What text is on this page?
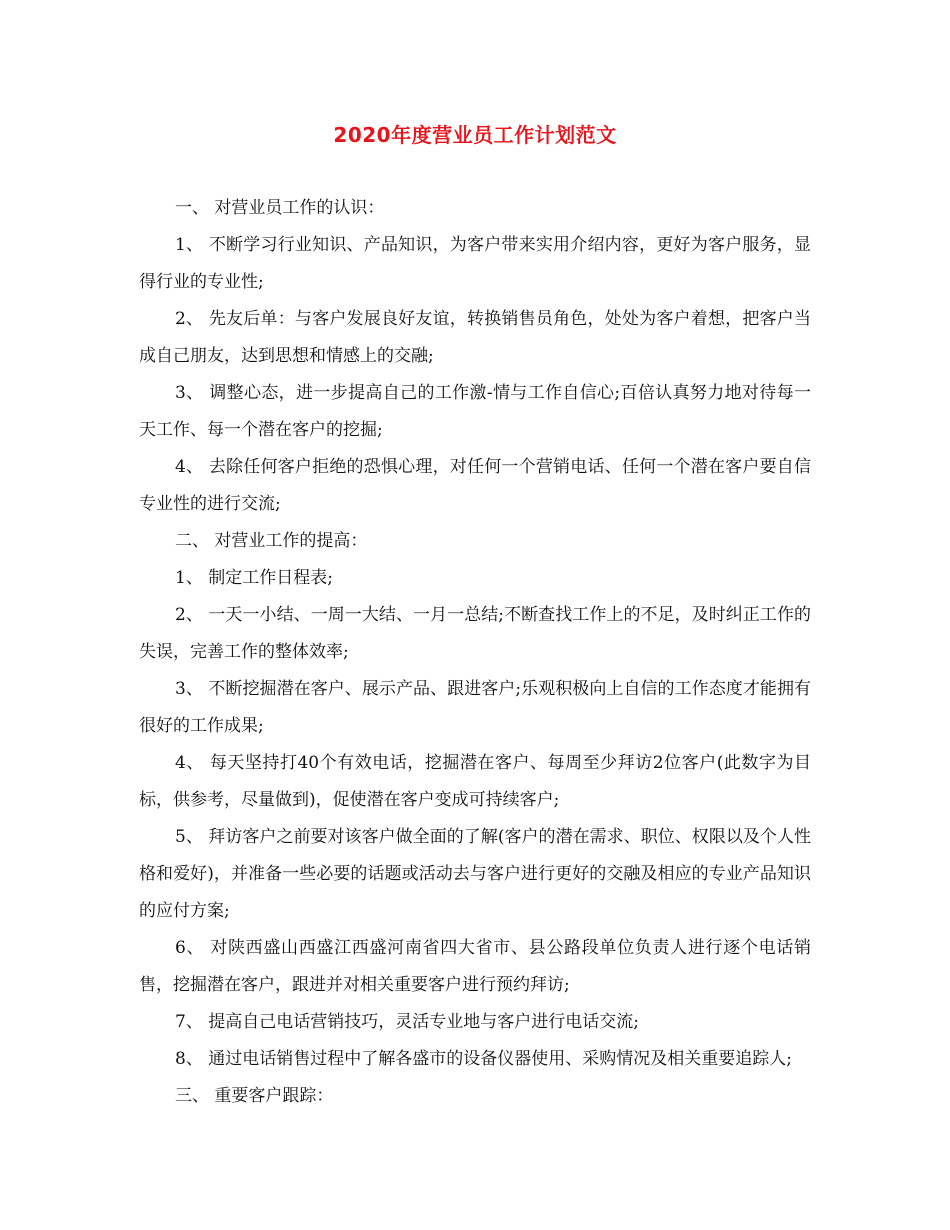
2020年度营业员工作计划范文

一、 对营业员工作的认识：

1、 不断学习行业知识、产品知识，为客户带来实用介绍内容，更好为客户服务，显得行业的专业性;

2、 先友后单：与客户发展良好友谊，转换销售员角色，处处为客户着想，把客户当成自己朋友，达到思想和情感上的交融;

3、 调整心态，进一步提高自己的工作激-情与工作自信心;百倍认真努力地对待每一天工作、每一个潜在客户的挖掘;

4、 去除任何客户拒绝的恐惧心理，对任何一个营销电话、任何一个潜在客户要自信专业性的进行交流;

二、 对营业工作的提高：

1、 制定工作日程表;

2、 一天一小结、一周一大结、一月一总结;不断查找工作上的不足，及时纠正工作的失误，完善工作的整体效率;

3、 不断挖掘潜在客户、展示产品、跟进客户;乐观积极向上自信的工作态度才能拥有很好的工作成果;

4、 每天坚持打40个有效电话，挖掘潜在客户、每周至少拜访2位客户(此数字为目标，供参考，尽量做到)，促使潜在客户变成可持续客户;

5、 拜访客户之前要对该客户做全面的了解(客户的潜在需求、职位、权限以及个人性格和爱好)，并准备一些必要的话题或活动去与客户进行更好的交融及相应的专业产品知识的应付方案;

6、 对陕西盛山西盛江西盛河南省四大省市、县公路段单位负责人进行逐个电话销售，挖掘潜在客户，跟进并对相关重要客户进行预约拜访;

7、 提高自己电话营销技巧，灵活专业地与客户进行电话交流;

8、 通过电话销售过程中了解各盛市的设备仪器使用、采购情况及相关重要追踪人;

三、 重要客户跟踪：
